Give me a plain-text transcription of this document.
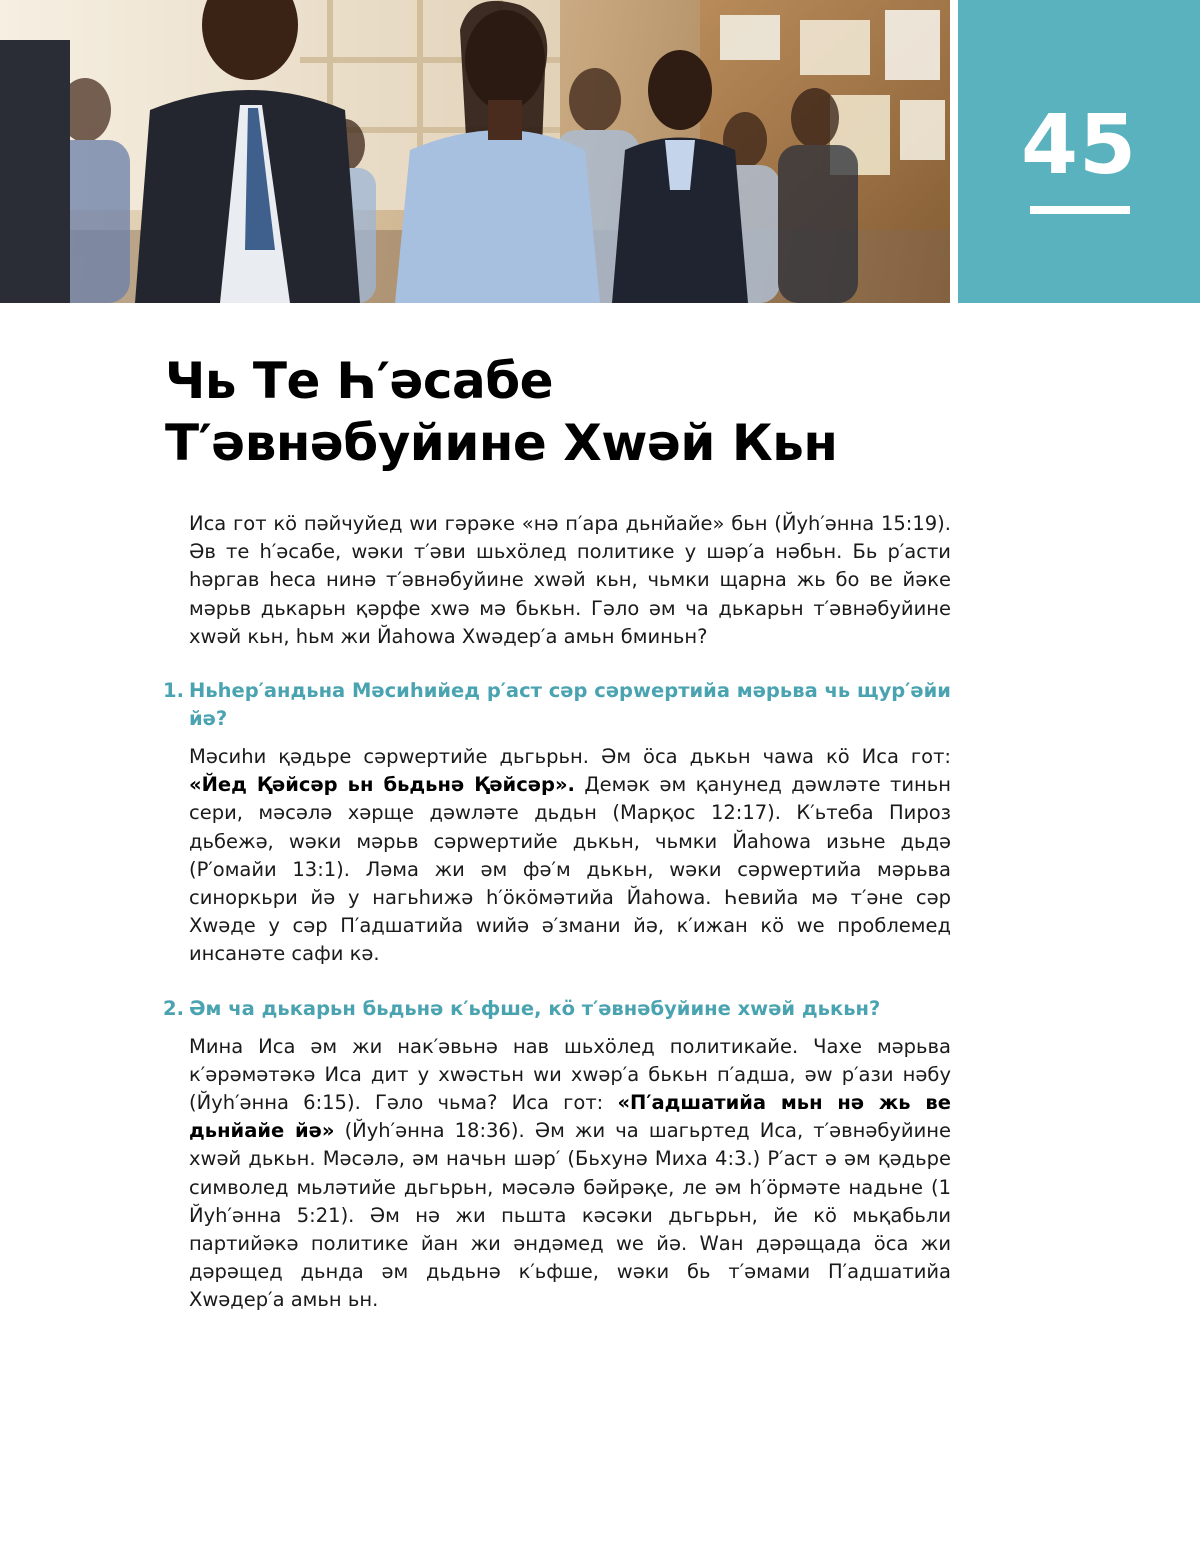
45
Чь Те Һ′əсабе
Т′əвнəбуйине Хwəй Кьн

Иса гот кӧ пəйчуйед wи гəрəке «нə п′ара дьнйайе» бьн (Йуһ′əнна 15:19). Əв те һ′əсабе, wəки т′əви шьхӧлед политике у шəр′а нəбьн. Бь р′асти һəргав һеса нинə т′əвнəбуйине хwəй кьн, чьмки щарна жь бо ве йəке мəрьв дькарьн қəрфе хwə мə бькьн. Гəло əм ча дькарьн т′əвнəбуйине хwəй кьн, һьм жи Йаһоwа Хwəдер′а амьн бминьн?

1. Ньһер′андьна Мəсиһийед р′аст сəр сəрwертийа мəрьва чь щур′əйи йə?

Мəсиһи қəдьре сəрwертийе дьгьрьн. Əм ӧса дькьн чаwа кӧ Иса гот: «Йед Қəйсəр ьн бьдьнə Қəйсəр». Демəк əм қанунед дəwлəте тиньн сери, мəсəлə хəрще дəwлəте дьдьн (Марқос 12:17). К′ьтеба Пироз дьбежə, wəки мəрьв сəрwертийе дькьн, чьмки Йаһоwа изьне дьдə (Р′омайи 13:1). Лəма жи əм фə′м дькьн, wəки сəрwертийа мəрьва синоркьри йə у нагьһижə һ′ӧкӧмəтийа Йаһоwа. Һевийа мə т′əне сəр Хwəде у сəр П′адшатийа wийə ə′змани йə, к′ижан кӧ wе проблемед инсанəте сафи кə.

2. Əм ча дькарьн бьдьнə к′ьфше, кӧ т′əвнəбуйине хwəй дькьн?

Мина Иса əм жи нак′əвьнə нав шьхӧлед политикайе. Чахе мəрьва к′əрəмəтəкə Иса дит у хwəстьн wи хwəр′а бькьн п′адша, əw р′ази нəбу (Йуһ′əнна 6:15). Гəло чьма? Иса гот: «П′адшатийа мьн нə жь ве дьнйайе йə» (Йуһ′əнна 18:36). Əм жи ча шагьртед Иса, т′əвнəбуйине хwəй дькьн. Мəсəлə, əм начьн шəр′ (Бьхунə Миха 4:3.) Р′аст ə əм қəдьре символед мьлəтийе дьгьрьн, мəсəлə бəйрəқе, ле əм һ′ӧрмəте надьне (1 Йуһ′əнна 5:21). Əм нə жи пьшта кəсəки дьгьрьн, йе кӧ мьқабьли партийəкə политике йан жи əндəмед wе йə. Wан дəрəщада ӧса жи дəрəщед дьнда əм дьдьнə к′ьфше, wəки бь т′əмами П′адшатийа Хwəдер′а амьн ьн.
